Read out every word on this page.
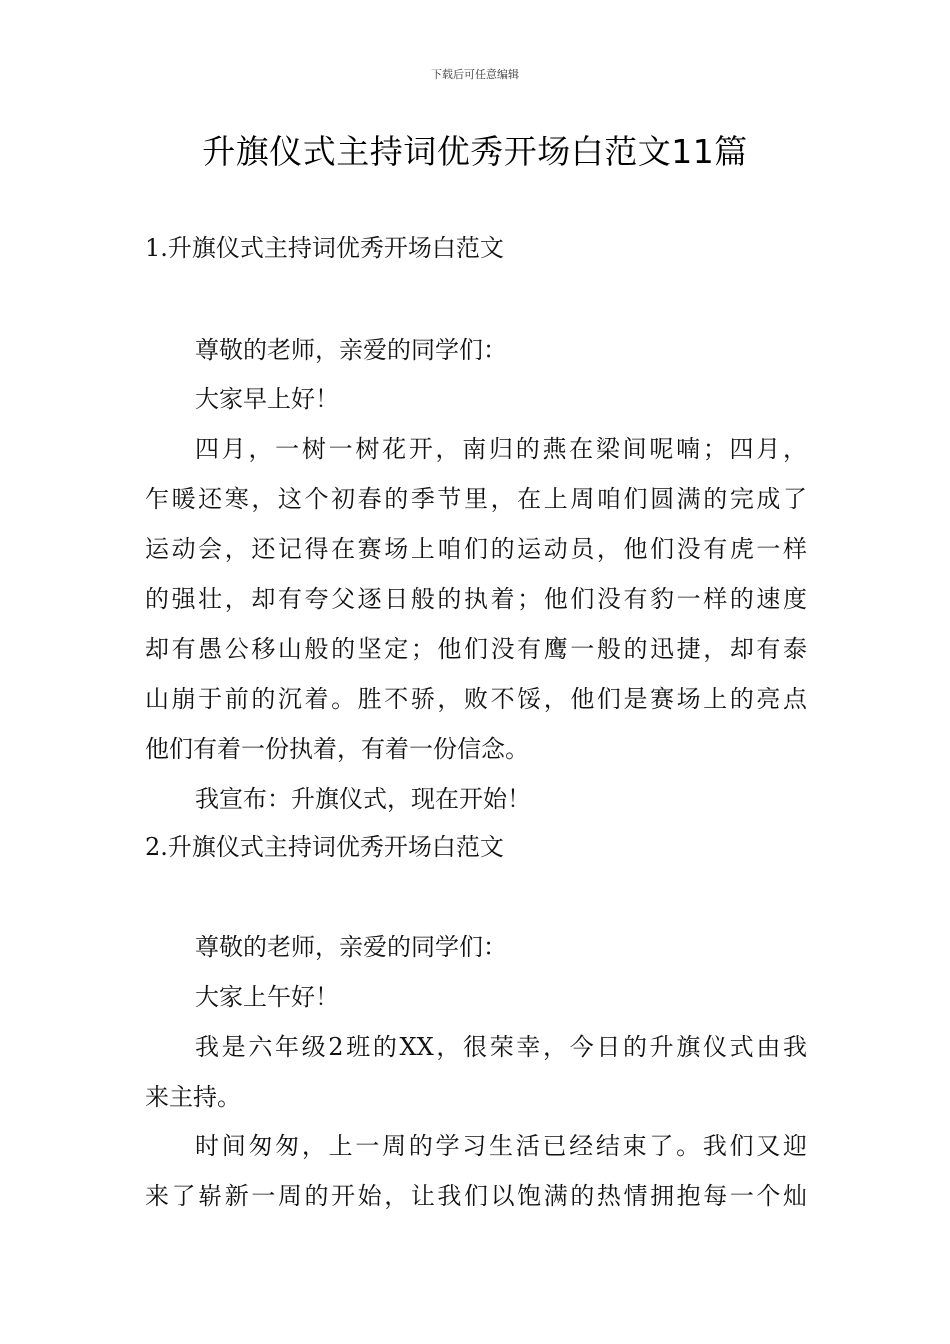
下载后可任意编辑
升旗仪式主持词优秀开场白范文11篇
1.升旗仪式主持词优秀开场白范文
尊敬的老师，亲爱的同学们：
大家早上好！
四月，一树一树花开，南归的燕在梁间呢喃；四月，
乍暖还寒，这个初春的季节里，在上周咱们圆满的完成了
运动会，还记得在赛场上咱们的运动员，他们没有虎一样
的强壮，却有夸父逐日般的执着；他们没有豹一样的速度
却有愚公移山般的坚定；他们没有鹰一般的迅捷，却有泰
山崩于前的沉着。胜不骄，败不馁，他们是赛场上的亮点
他们有着一份执着，有着一份信念。
我宣布：升旗仪式，现在开始！
2.升旗仪式主持词优秀开场白范文
尊敬的老师，亲爱的同学们：
大家上午好！
我是六年级2班的XX，很荣幸，今日的升旗仪式由我
来主持。
时间匆匆，上一周的学习生活已经结束了。我们又迎
来了崭新一周的开始，让我们以饱满的热情拥抱每一个灿
